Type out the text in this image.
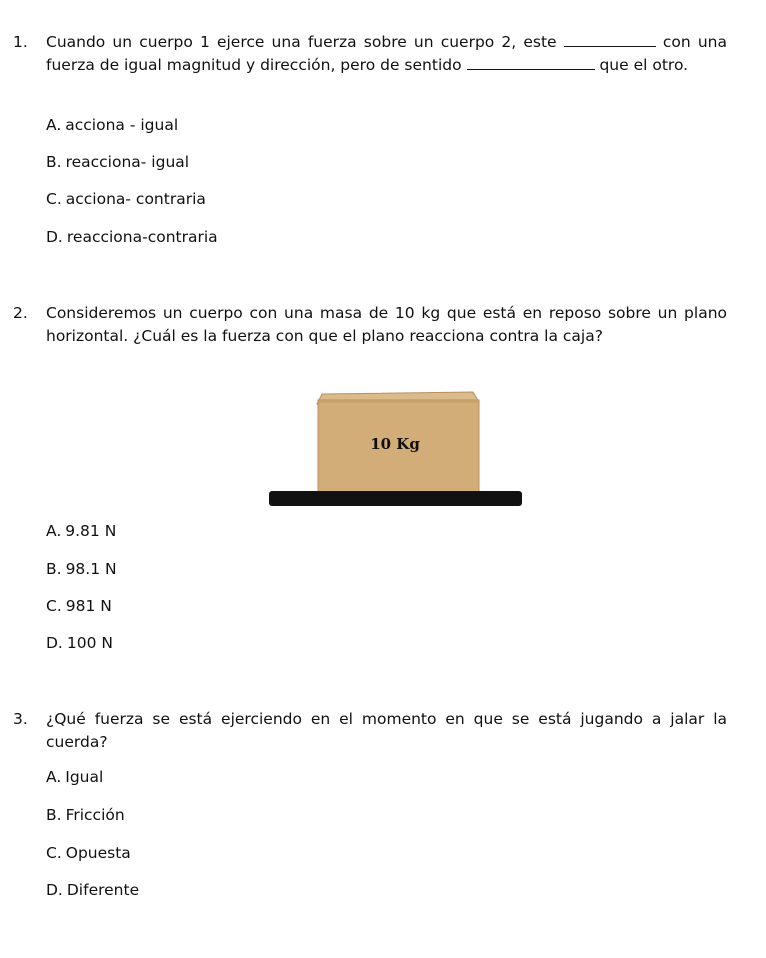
1. Cuando un cuerpo 1 ejerce una fuerza sobre un cuerpo 2, este	con una fuerza de igual magnitud y dirección, pero de sentido	que el otro.
A. acciona - igual
B. reacciona- igual
C. acciona- contraria
D. reacciona-contraria
2. Consideremos un cuerpo con una masa de 10 kg que está en reposo sobre un plano horizontal. ¿Cuál es la fuerza con que el plano reacciona contra la caja?
10 Kg
A. 9.81 N
B. 98.1 N
C. 981 N
D. 100 N
3. ¿Qué fuerza se está ejerciendo en el momento en que se está jugando a jalar la cuerda?
A. Igual
B. Fricción
C. Opuesta
D. Diferente
